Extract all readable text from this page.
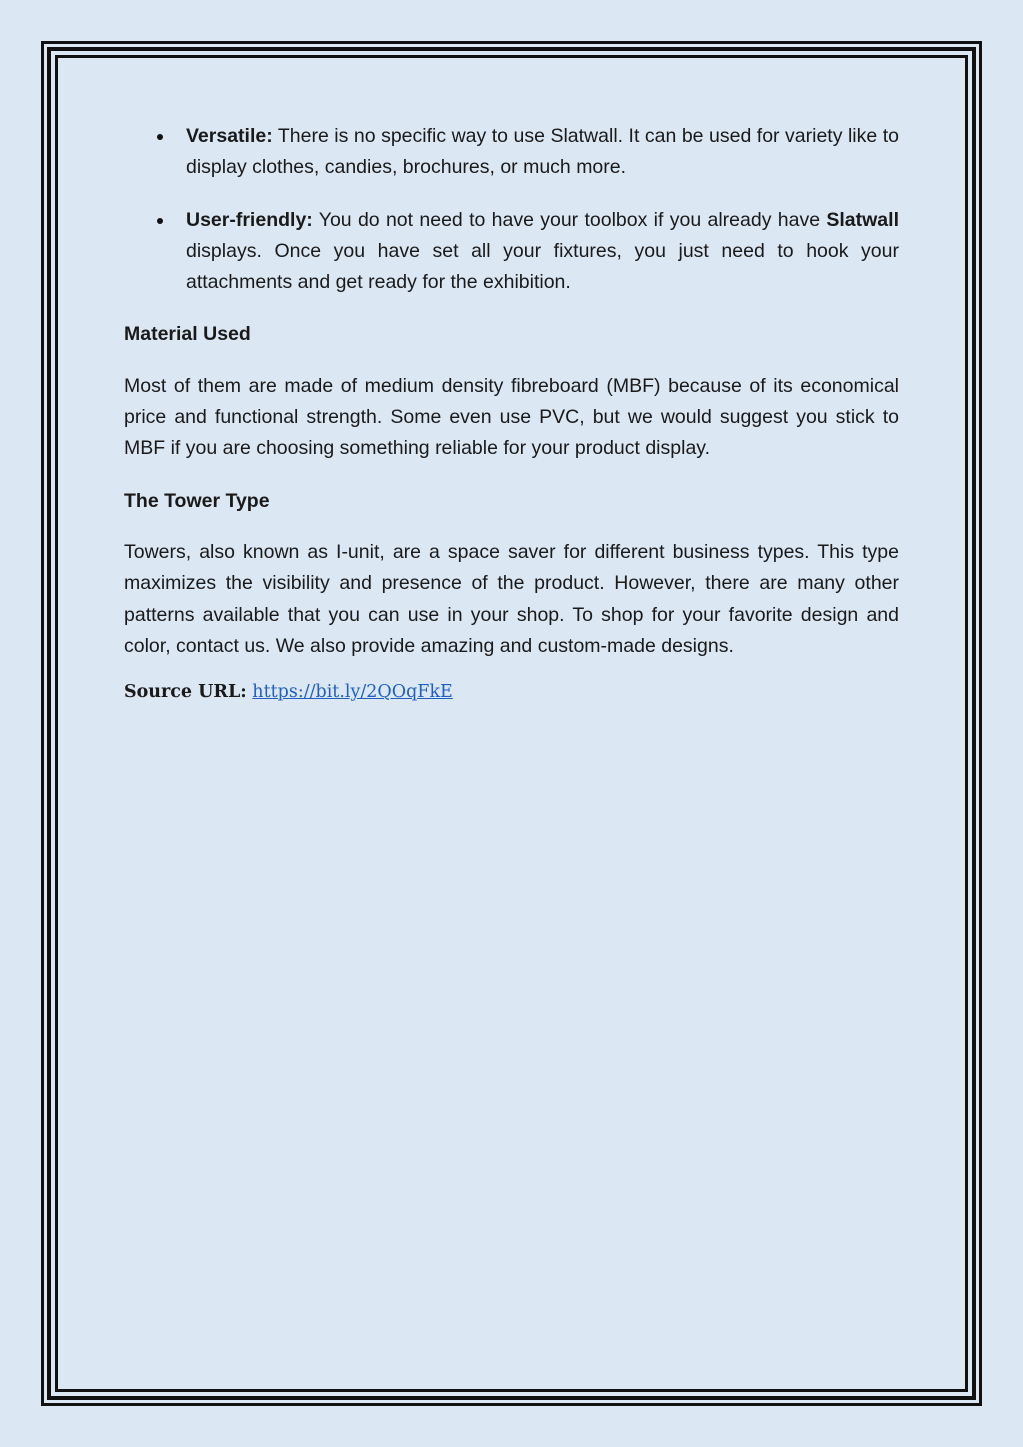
Versatile: There is no specific way to use Slatwall. It can be used for variety like to display clothes, candies, brochures, or much more.
User-friendly: You do not need to have your toolbox if you already have Slatwall displays. Once you have set all your fixtures, you just need to hook your attachments and get ready for the exhibition.
Material Used

Most of them are made of medium density fibreboard (MBF) because of its economical price and functional strength. Some even use PVC, but we would suggest you stick to MBF if you are choosing something reliable for your product display.

The Tower Type

Towers, also known as I-unit, are a space saver for different business types. This type maximizes the visibility and presence of the product. However, there are many other patterns available that you can use in your shop. To shop for your favorite design and color, contact us. We also provide amazing and custom-made designs.

Source URL: https://bit.ly/2QOqFkE
